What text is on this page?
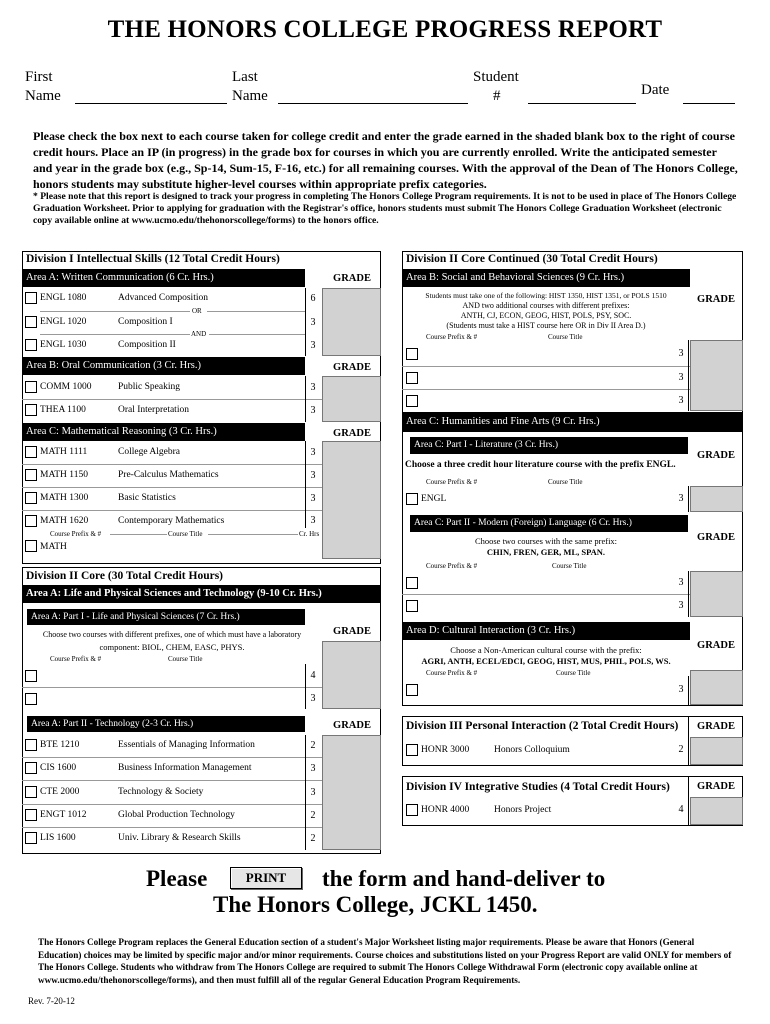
THE HONORS COLLEGE PROGRESS REPORT
First
Name
Last
Name
Student
#	Date
Please check the box next to each course taken for college credit and enter the grade earned in the shaded blank box to the right of course credit hours. Place an IP (in progress) in the grade box for courses in which you are currently enrolled. Write the anticipated semester and year in the grade box (e.g., Sp-14, Sum-15, F-16, etc.) for all remaining courses. With the approval of the Dean of The Honors College, honors students may substitute higher-level courses within appropriate prefix categories.
* Please note that this report is designed to track your progress in completing The Honors College Program requirements. It is not to be used in place of The Honors College Graduation Worksheet. Prior to applying for graduation with the Registrar's office, honors students must submit The Honors College Graduation Worksheet (electronic copy available online at www.ucmo.edu/thehonorscollege/forms) to the honors office.
Division I Intellectual Skills (12 Total Credit Hours)
Area A: Written Communication (6 Cr. Hrs.)	GRADE
ENGL 1080	Advanced Composition	6
OR
ENGL 1020	Composition I	3
AND
ENGL 1030	Composition II	3
Area B: Oral Communication (3 Cr. Hrs.)	GRADE
COMM 1000	Public Speaking	3
THEA 1100	Oral Interpretation	3
Area C: Mathematical Reasoning (3 Cr. Hrs.)	GRADE
MATH 1111	College Algebra	3
MATH 1150	Pre-Calculus Mathematics	3
MATH 1300	Basic Statistics	3
MATH 1620	Contemporary Mathematics	3
Course Prefix & #	Course Title	Cr. Hrs
MATH
Division II Core (30 Total Credit Hours)
Area A: Life and Physical Sciences and Technology (9-10 Cr. Hrs.)
Area A: Part I - Life and Physical Sciences (7 Cr. Hrs.)
GRADE
Choose two courses with different prefixes, one of which must have a laboratory
component: BIOL, CHEM, EASC, PHYS.
Course Prefix & #	Course Title
4
3
Area A: Part II - Technology (2-3 Cr. Hrs.)	GRADE
BTE 1210	Essentials of Managing Information	2
CIS 1600	Business Information Management	3
CTE 2000	Technology & Society	3
ENGT 1012	Global Production Technology	2
LIS 1600	Univ. Library & Research Skills	2
Division II Core Continued (30 Total Credit Hours)
Area B: Social and Behavioral Sciences (9 Cr. Hrs.)
GRADE
Students must take one of the following: HIST 1350, HIST 1351, or POLS 1510
AND two additional courses with different prefixes:
ANTH, CJ, ECON, GEOG, HIST, POLS, PSY, SOC.
(Students must take a HIST course here OR in Div II Area D.)
Course Prefix & #	Course Title
3
3
3
Area C: Humanities and Fine Arts (9 Cr. Hrs.)
Area C: Part I - Literature (3 Cr. Hrs.)
GRADE
Choose a three credit hour literature course with the prefix ENGL.
Course Prefix & #	Course Title
ENGL	3
Area C: Part II - Modern (Foreign) Language (6 Cr. Hrs.)
GRADE
Choose two courses with the same prefix:
CHIN, FREN, GER, ML, SPAN.
Course Prefix & #	Course Title
3
3
Area D: Cultural Interaction (3 Cr. Hrs.)
GRADE
Choose a Non-American cultural course with the prefix:
AGRI, ANTH, ECEL/EDCI, GEOG, HIST, MUS, PHIL, POLS, WS.
Course Prefix & #	Course Title
3
Division III Personal Interaction (2 Total Credit Hours)	GRADE
HONR 3000	Honors Colloquium	2
Division IV Integrative Studies (4 Total Credit Hours)	GRADE
HONR 4000	Honors Project	4
Please	PRINT	the form and hand-deliver to
The Honors College, JCKL 1450.
The Honors College Program replaces the General Education section of a student's Major Worksheet listing major requirements. Please be aware that Honors (General Education) choices may be limited by specific major and/or minor requirements. Course choices and substitutions listed on your Progress Report are valid ONLY for members of The Honors College. Students who withdraw from The Honors College are required to submit The Honors College Withdrawal Form (electronic copy available online at www.ucmo.edu/thehonorscollege/forms), and then must fulfill all of the regular General Education Program Requirements.
Rev. 7-20-12
